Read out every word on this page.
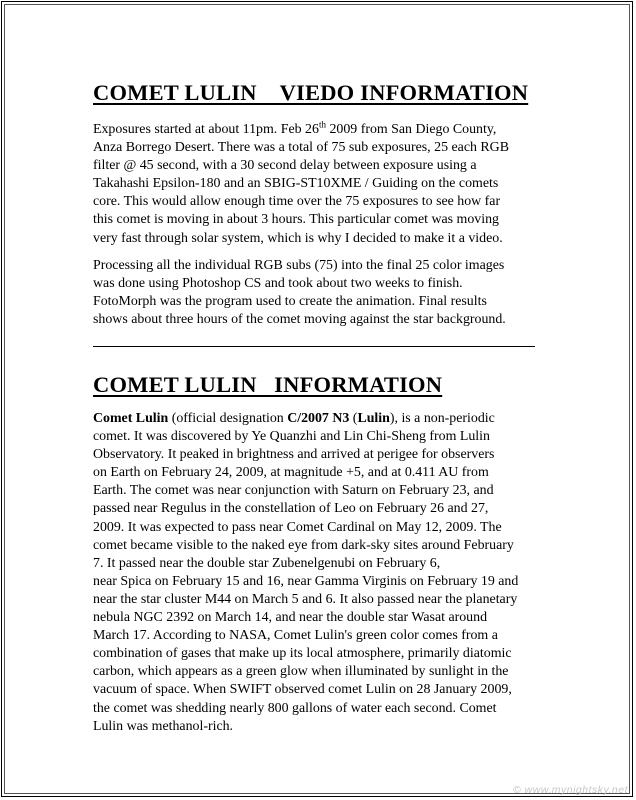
COMET LULIN    VIEDO INFORMATION

Exposures started at about 11pm. Feb 26th 2009 from San Diego County,
Anza Borrego Desert. There was a total of 75 sub exposures, 25 each RGB
filter @ 45 second, with a 30 second delay between exposure using a
Takahashi Epsilon-180 and an SBIG-ST10XME / Guiding on the comets
core. This would allow enough time over the 75 exposures to see how far
this comet is moving in about 3 hours. This particular comet was moving
very fast through solar system, which is why I decided to make it a video.

Processing all the individual RGB subs (75) into the final 25 color images
was done using Photoshop CS and took about two weeks to finish.
FotoMorph was the program used to create the animation. Final results
shows about three hours of the comet moving against the star background.

COMET LULIN   INFORMATION

Comet Lulin (official designation C/2007 N3 (Lulin), is a non-periodic
comet. It was discovered by Ye Quanzhi and Lin Chi-Sheng from Lulin
Observatory. It peaked in brightness and arrived at perigee for observers
on Earth on February 24, 2009, at magnitude +5, and at 0.411 AU from
Earth. The comet was near conjunction with Saturn on February 23, and
passed near Regulus in the constellation of Leo on February 26 and 27,
2009. It was expected to pass near Comet Cardinal on May 12, 2009. The
comet became visible to the naked eye from dark-sky sites around February
7. It passed near the double star Zubenelgenubi on February 6,
near Spica on February 15 and 16, near Gamma Virginis on February 19 and
near the star cluster M44 on March 5 and 6. It also passed near the planetary
nebula NGC 2392 on March 14, and near the double star Wasat around
March 17. According to NASA, Comet Lulin's green color comes from a
combination of gases that make up its local atmosphere, primarily diatomic
carbon, which appears as a green glow when illuminated by sunlight in the
vacuum of space. When SWIFT observed comet Lulin on 28 January 2009,
the comet was shedding nearly 800 gallons of water each second. Comet
Lulin was methanol-rich.

© www.mynightsky.net
